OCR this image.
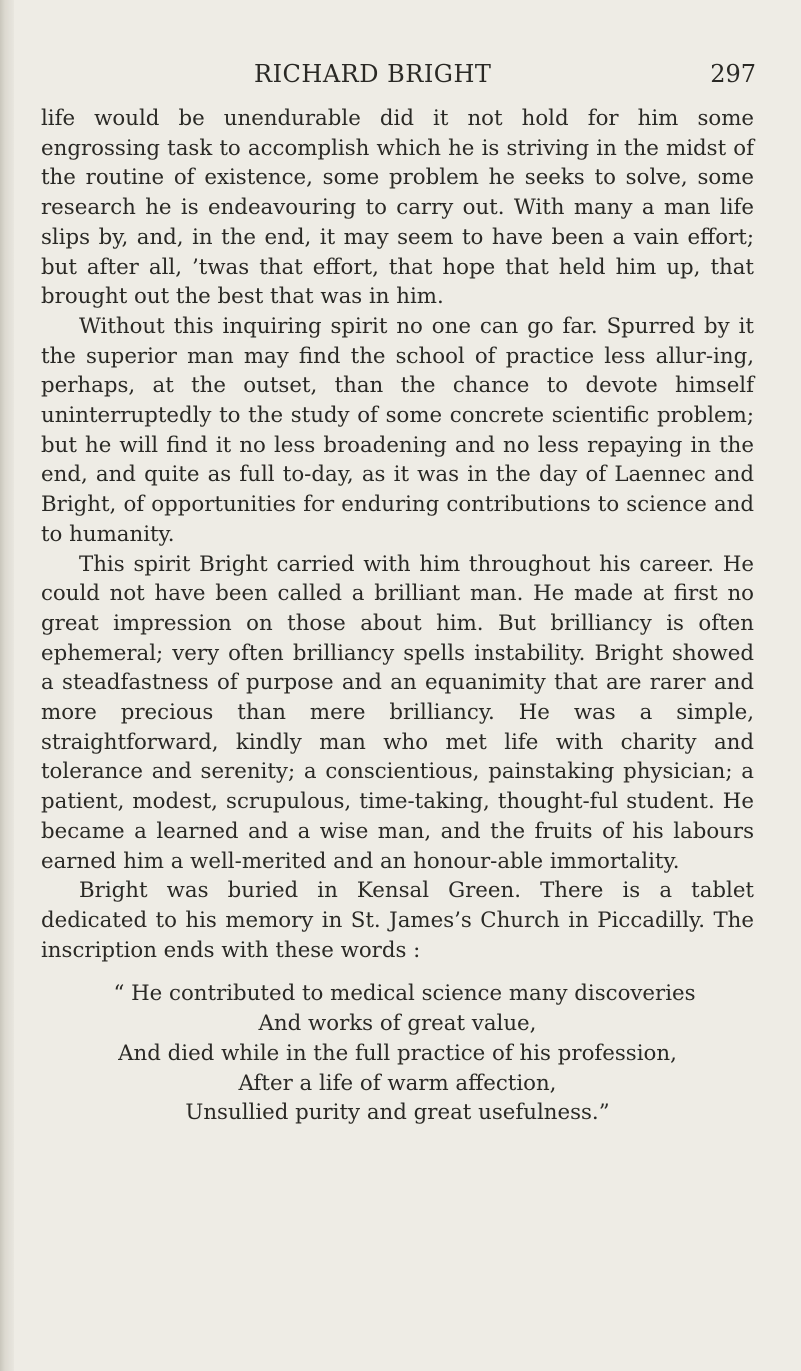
RICHARD BRIGHT	297

life would be unendurable did it not hold for him some engrossing task to accomplish which he is striving in the midst of the routine of existence, some problem he seeks to solve, some research he is endeavouring to carry out. With many a man life slips by, and, in the end, it may seem to have been a vain effort; but after all, ’twas that effort, that hope that held him up, that brought out the best that was in him.

Without this inquiring spirit no one can go far. Spurred by it the superior man may find the school of practice less allur-ing, perhaps, at the outset, than the chance to devote himself uninterruptedly to the study of some concrete scientific problem; but he will find it no less broadening and no less repaying in the end, and quite as full to-day, as it was in the day of Laennec and Bright, of opportunities for enduring contributions to science and to humanity.

This spirit Bright carried with him throughout his career. He could not have been called a brilliant man. He made at first no great impression on those about him. But brilliancy is often ephemeral; very often brilliancy spells instability. Bright showed a steadfastness of purpose and an equanimity that are rarer and more precious than mere brilliancy. He was a simple, straightforward, kindly man who met life with charity and tolerance and serenity; a conscientious, painstaking physician; a patient, modest, scrupulous, time-taking, thought-ful student. He became a learned and a wise man, and the fruits of his labours earned him a well-merited and an honour-able immortality.

Bright was buried in Kensal Green. There is a tablet dedicated to his memory in St. James’s Church in Piccadilly. The inscription ends with these words :

“ He contributed to medical science many discoveries
And works of great value,
And died while in the full practice of his profession,
After a life of warm affection,
Unsullied purity and great usefulness.”
